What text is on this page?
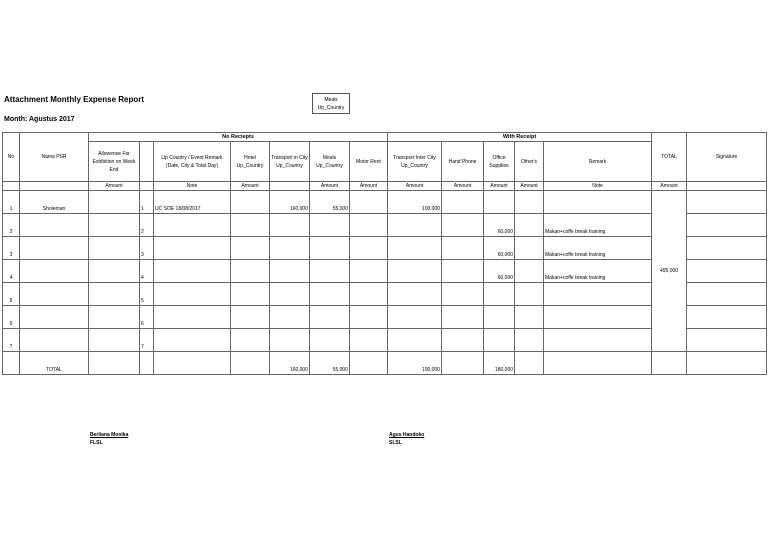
Attachment Monthly Expense Report
Month: Agustus 2017
Meals
Up_Country
No	Nama PSR	No Reciepts							With Receipt					TOTAL	Signature
		Allowense For Exhibition on Week End		Up Country / Event Remark (Date, City & Total Day)	Hotel Up_Country	Transport in City Up_Country	Meals Up_Country	Motor Rent	Transport Inter City Up_Country	Hand Phone	Office Supplies	Other's	Remark		
		Amount		Note	Amount		Amount	Amount	Amount	Amount	Amount	Amount	Note	Amount	
1	Sholeman		1	UC SOE 18/08/2017		160,000	55,000		100,000					495,000	
2			2								60,000		Makan+coffe break training		
3			3								60,000		Makan+coffe break training		
4			4								60,000		Makan+coffe break training		
5			5												
6			6												
7			7												
	TOTAL					160,000	55,000		100,000		180,000				
Berliana Monika
FLSL
Agus Handoko
SLSL
